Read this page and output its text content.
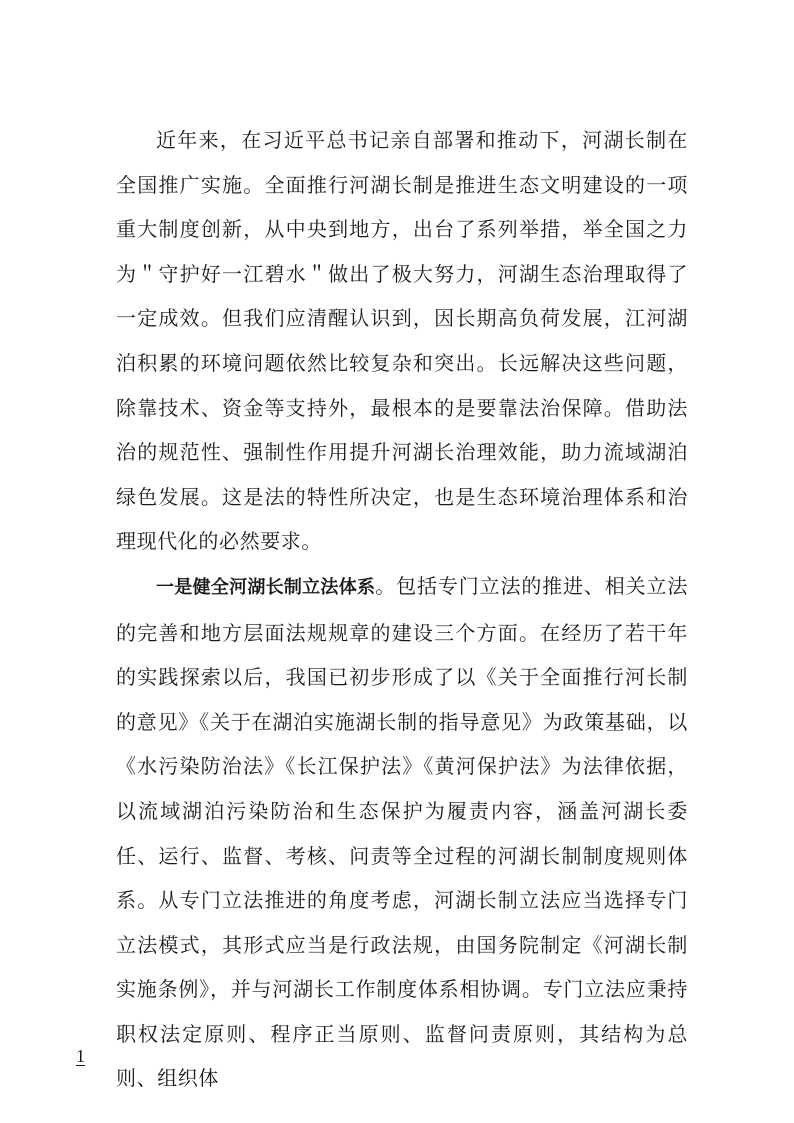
近年来，在习近平总书记亲自部署和推动下，河湖长制在全国推广实施。全面推行河湖长制是推进生态文明建设的一项重大制度创新，从中央到地方，出台了系列举措，举全国之力为＂守护好一江碧水＂做出了极大努力，河湖生态治理取得了一定成效。但我们应清醒认识到，因长期高负荷发展，江河湖泊积累的环境问题依然比较复杂和突出。长远解决这些问题，除靠技术、资金等支持外，最根本的是要靠法治保障。借助法治的规范性、强制性作用提升河湖长治理效能，助力流域湖泊绿色发展。这是法的特性所决定，也是生态环境治理体系和治理现代化的必然要求。

一是健全河湖长制立法体系。包括专门立法的推进、相关立法的完善和地方层面法规规章的建设三个方面。在经历了若干年的实践探索以后，我国已初步形成了以《关于全面推行河长制的意见》《关于在湖泊实施湖长制的指导意见》为政策基础，以《水污染防治法》《长江保护法》《黄河保护法》为法律依据，以流域湖泊污染防治和生态保护为履责内容，涵盖河湖长委任、运行、监督、考核、问责等全过程的河湖长制制度规则体系。从专门立法推进的角度考虑，河湖长制立法应当选择专门立法模式，其形式应当是行政法规，由国务院制定《河湖长制实施条例》，并与河湖长工作制度体系相协调。专门立法应秉持职权法定原则、程序正当原则、监督问责原则，其结构为总则、组织体

1
